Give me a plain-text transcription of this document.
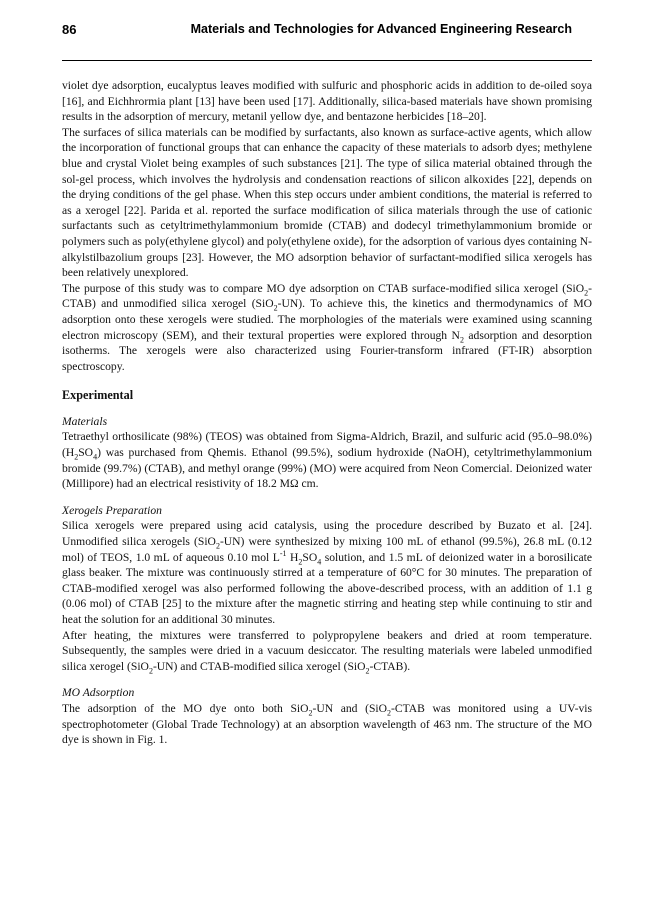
86	Materials and Technologies for Advanced Engineering Research

violet dye adsorption, eucalyptus leaves modified with sulfuric and phosphoric acids in addition to de-oiled soya [16], and Eichhrormia plant [13] have been used [17]. Additionally, silica-based materials have shown promising results in the adsorption of mercury, metanil yellow dye, and bentazone herbicides [18–20].

The surfaces of silica materials can be modified by surfactants, also known as surface-active agents, which allow the incorporation of functional groups that can enhance the capacity of these materials to adsorb dyes; methylene blue and crystal Violet being examples of such substances [21]. The type of silica material obtained through the sol-gel process, which involves the hydrolysis and condensation reactions of silicon alkoxides [22], depends on the drying conditions of the gel phase. When this step occurs under ambient conditions, the material is referred to as a xerogel [22]. Parida et al. reported the surface modification of silica materials through the use of cationic surfactants such as cetyltrimethylammonium bromide (CTAB) and dodecyl trimethylammonium bromide or polymers such as poly(ethylene glycol) and poly(ethylene oxide), for the adsorption of various dyes containing N-alkylstilbazolium groups [23]. However, the MO adsorption behavior of surfactant-modified silica xerogels has been relatively unexplored.

The purpose of this study was to compare MO dye adsorption on CTAB surface-modified silica xerogel (SiO$_2$-CTAB) and unmodified silica xerogel (SiO$_2$-UN). To achieve this, the kinetics and thermodynamics of MO adsorption onto these xerogels were studied. The morphologies of the materials were examined using scanning electron microscopy (SEM), and their textural properties were explored through $N_2$ adsorption and desorption isotherms. The xerogels were also characterized using Fourier-transform infrared (FT-IR) absorption spectroscopy.

Experimental

Materials

Tetraethyl orthosilicate (98%) (TEOS) was obtained from Sigma-Aldrich, Brazil, and sulfuric acid (95.0–98.0%) $(H_2SO_4)$ was purchased from Qhemis. Ethanol (99.5%), sodium hydroxide (NaOH), cetyltrimethylammonium bromide (99.7%) (CTAB), and methyl orange (99%) (MO) were acquired from Neon Comercial. Deionized water (Millipore) had an electrical resistivity of 18.2 MΩ cm.

Xerogels Preparation

Silica xerogels were prepared using acid catalysis, using the procedure described by Buzato et al. [24]. Unmodified silica xerogels (SiO$_2$-UN) were synthesized by mixing 100 mL of ethanol (99.5%), 26.8 mL (0.12 mol) of TEOS, 1.0 mL of aqueous 0.10 mol $L^{-1}$ $H_2SO_4$ solution, and 1.5 mL of deionized water in a borosilicate glass beaker. The mixture was continuously stirred at a temperature of 60°C for 30 minutes. The preparation of CTAB-modified xerogel was also performed following the above-described process, with an addition of 1.1 g (0.06 mol) of CTAB [25] to the mixture after the magnetic stirring and heating step while continuing to stir and heat the solution for an additional 30 minutes.

After heating, the mixtures were transferred to polypropylene beakers and dried at room temperature. Subsequently, the samples were dried in a vacuum desiccator. The resulting materials were labeled unmodified silica xerogel (SiO$_2$-UN) and CTAB-modified silica xerogel (SiO$_2$-CTAB).

MO Adsorption

The adsorption of the MO dye onto both SiO$_2$-UN and (SiO$_2$-CTAB was monitored using a UV-vis spectrophotometer (Global Trade Technology) at an absorption wavelength of 463 nm. The structure of the MO dye is shown in Fig. 1.
